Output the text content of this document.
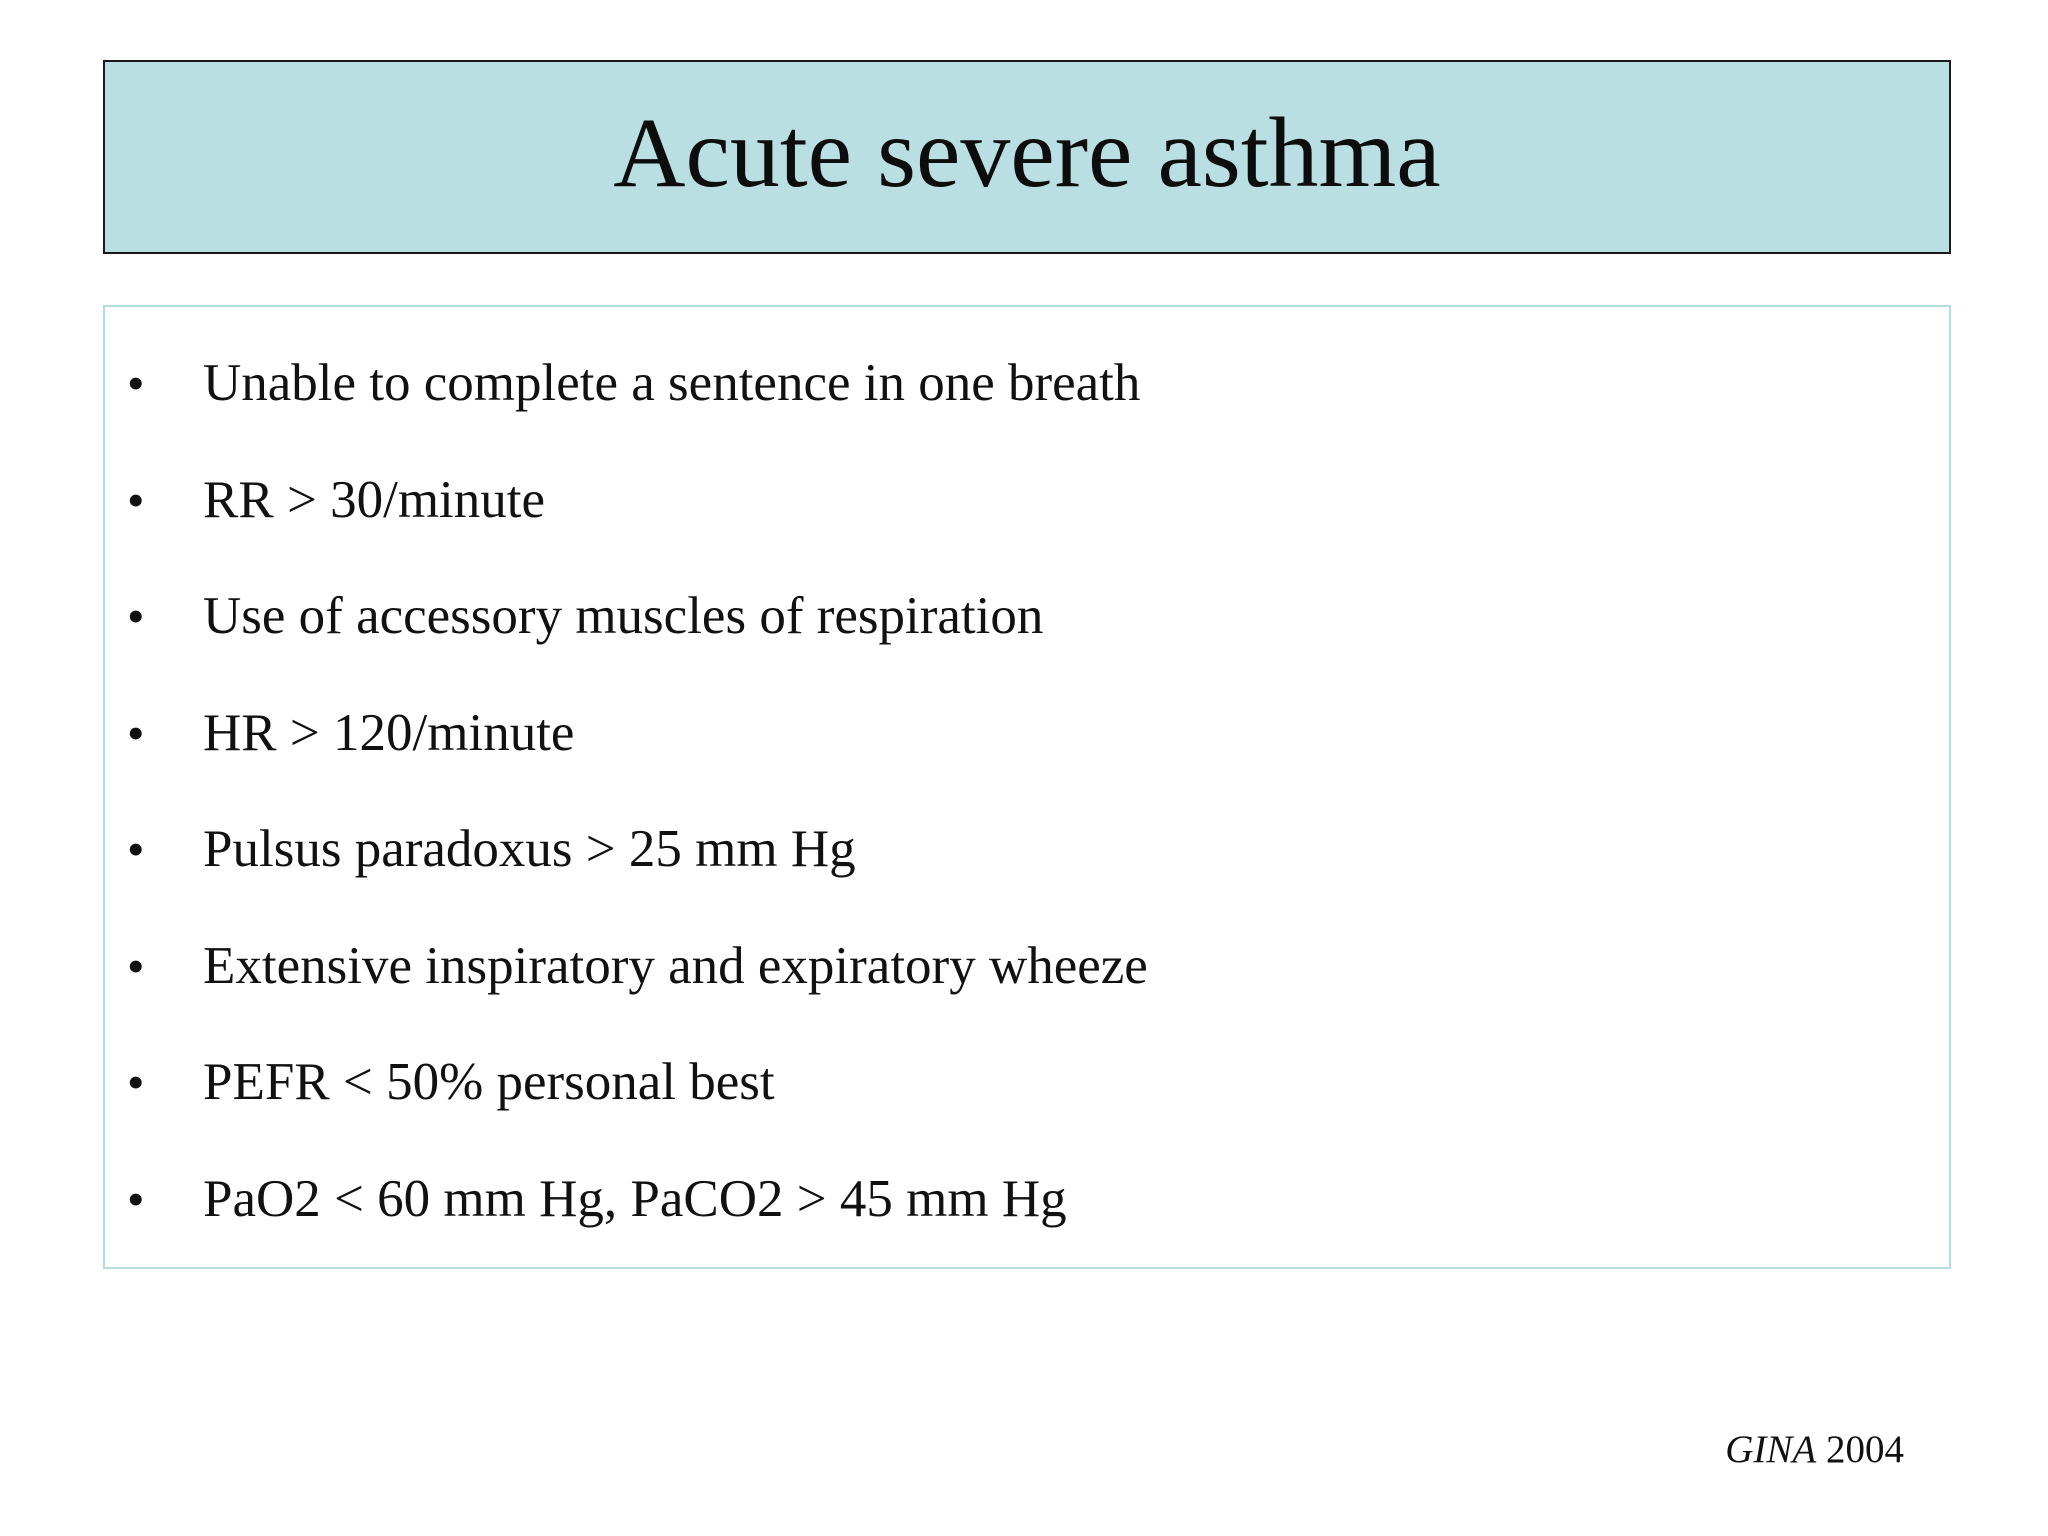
Acute severe asthma
• Unable to complete a sentence in one breath
• RR > 30/minute
• Use of accessory muscles of respiration
• HR > 120/minute
• Pulsus paradoxus > 25 mm Hg
• Extensive inspiratory and expiratory wheeze
• PEFR < 50% personal best
• PaO2 < 60 mm Hg, PaCO2 > 45 mm Hg
GINA 2004
